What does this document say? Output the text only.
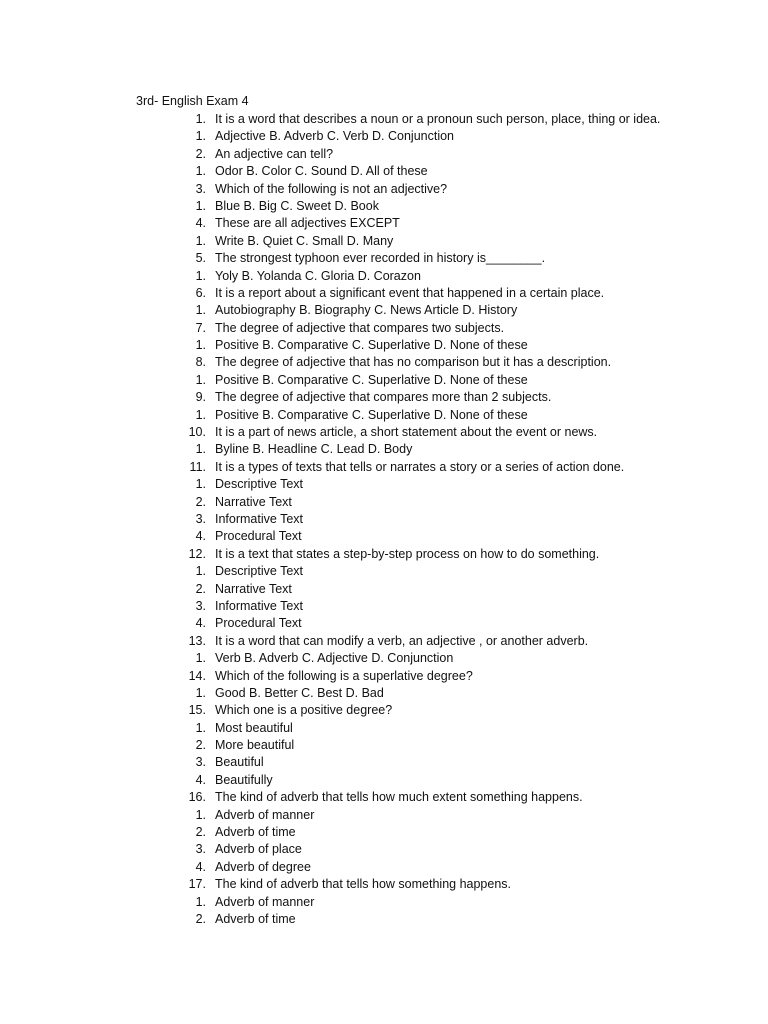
3rd- English Exam 4
1. It is a word that describes a noun or a pronoun such person, place, thing or idea.
1. Adjective B. Adverb C. Verb D. Conjunction
2. An adjective can tell?
1. Odor B. Color C. Sound D. All of these
3. Which of the following is not an adjective?
1. Blue B. Big C. Sweet D. Book
4. These are all adjectives EXCEPT
1. Write B. Quiet C. Small D. Many
5. The strongest typhoon ever recorded in history is________.
1. Yoly B. Yolanda C. Gloria D. Corazon
6. It is a report about a significant event that happened in a certain place.
1. Autobiography B. Biography C. News Article D. History
7. The degree of adjective that compares two subjects.
1. Positive B. Comparative C. Superlative D. None of these
8. The degree of adjective that has no comparison but it has a description.
1. Positive B. Comparative C. Superlative D. None of these
9. The degree of adjective that compares more than 2 subjects.
1. Positive B. Comparative C. Superlative D. None of these
10. It is a part of news article, a short statement about the event or news.
1. Byline B. Headline C. Lead D. Body
11. It is a types of texts that tells or narrates a story or a series of action done.
1. Descriptive Text
2. Narrative Text
3. Informative Text
4. Procedural Text
12. It is a text that states a step-by-step process on how to do something.
1. Descriptive Text
2. Narrative Text
3. Informative Text
4. Procedural Text
13. It is a word that can modify a verb, an adjective , or another adverb.
1. Verb B. Adverb C. Adjective D. Conjunction
14. Which of the following is a superlative degree?
1. Good B. Better C. Best D. Bad
15. Which one is a positive degree?
1. Most beautiful
2. More beautiful
3. Beautiful
4. Beautifully
16. The kind of adverb that tells how much extent something happens.
1. Adverb of manner
2. Adverb of time
3. Adverb of place
4. Adverb of degree
17. The kind of adverb that tells how something happens.
1. Adverb of manner
2. Adverb of time
